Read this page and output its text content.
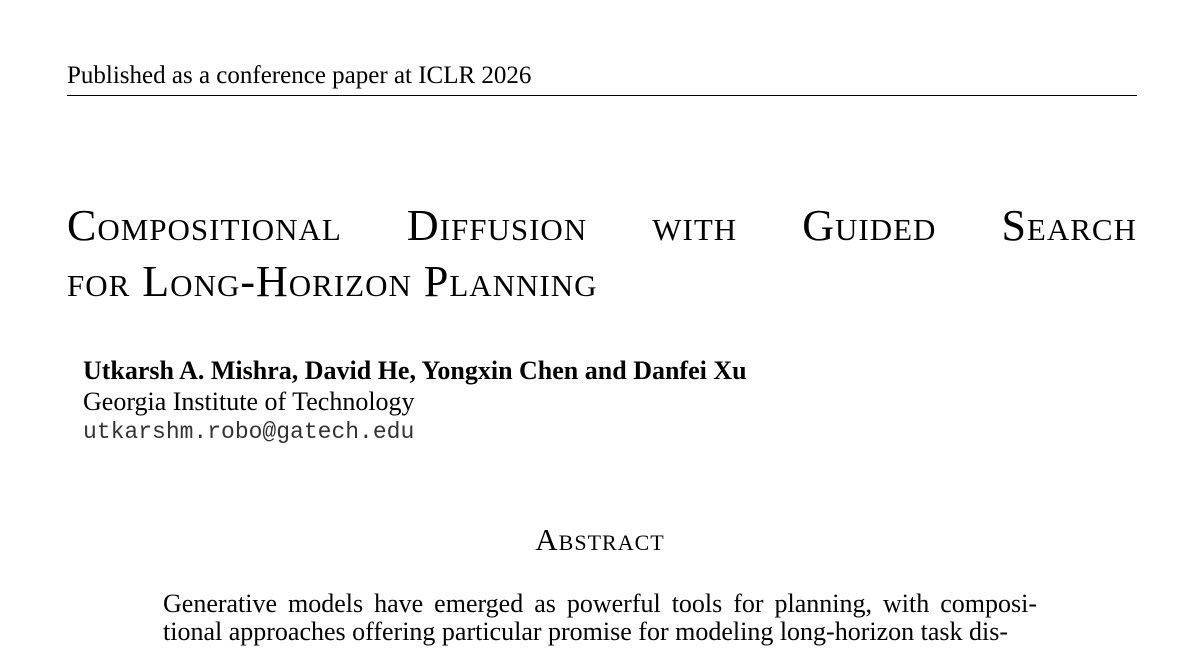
Published as a conference paper at ICLR 2026
Compositional Diffusion with Guided Search
for Long-Horizon Planning
Utkarsh A. Mishra, David He, Yongxin Chen and Danfei Xu
Georgia Institute of Technology
utkarshm.robo@gatech.edu
Abstract
Generative models have emerged as powerful tools for planning, with composi-
tional approaches offering particular promise for modeling long-horizon task dis-
